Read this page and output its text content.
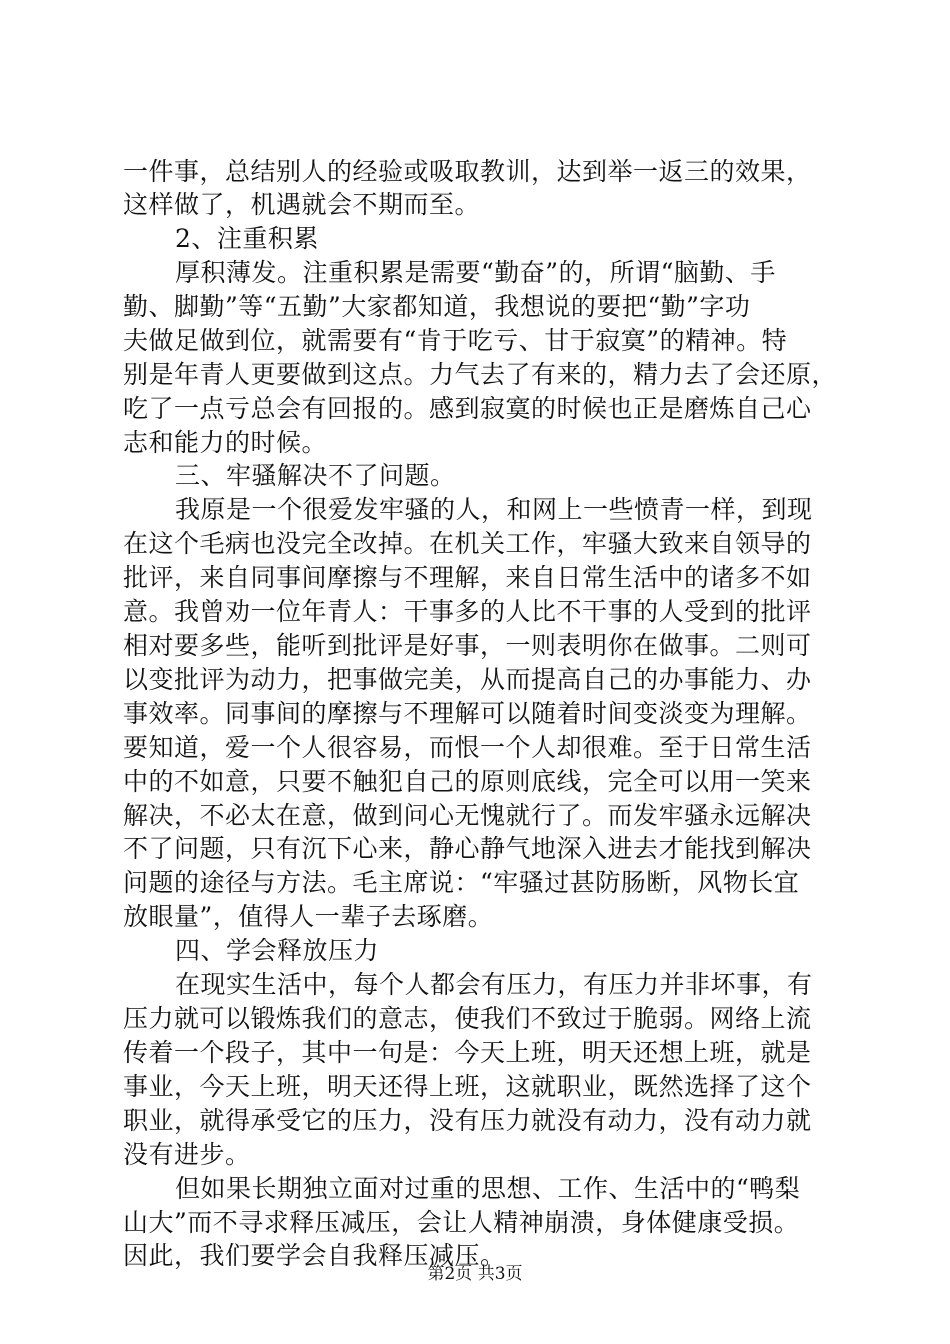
一件事，总结别人的经验或吸取教训，达到举一返三的效果，
这样做了，机遇就会不期而至。
2、注重积累
厚积薄发。注重积累是需要“勤奋”的，所谓“脑勤、手
勤、脚勤”等“五勤”大家都知道，我想说的要把“勤”字功
夫做足做到位，就需要有“肯于吃亏、甘于寂寞”的精神。特
别是年青人更要做到这点。力气去了有来的，精力去了会还原，
吃了一点亏总会有回报的。感到寂寞的时候也正是磨炼自己心
志和能力的时候。
三、牢骚解决不了问题。
我原是一个很爱发牢骚的人，和网上一些愤青一样，到现
在这个毛病也没完全改掉。在机关工作，牢骚大致来自领导的
批评，来自同事间摩擦与不理解，来自日常生活中的诸多不如
意。我曾劝一位年青人：干事多的人比不干事的人受到的批评
相对要多些，能听到批评是好事，一则表明你在做事。二则可
以变批评为动力，把事做完美，从而提高自己的办事能力、办
事效率。同事间的摩擦与不理解可以随着时间变淡变为理解。
要知道，爱一个人很容易，而恨一个人却很难。至于日常生活
中的不如意，只要不触犯自己的原则底线，完全可以用一笑来
解决，不必太在意，做到问心无愧就行了。而发牢骚永远解决
不了问题，只有沉下心来，静心静气地深入进去才能找到解决
问题的途径与方法。毛主席说：“牢骚过甚防肠断，风物长宜
放眼量”，值得人一辈子去琢磨。
四、学会释放压力
在现实生活中，每个人都会有压力，有压力并非坏事，有
压力就可以锻炼我们的意志，使我们不致过于脆弱。网络上流
传着一个段子，其中一句是：今天上班，明天还想上班，就是
事业，今天上班，明天还得上班，这就职业，既然选择了这个
职业，就得承受它的压力，没有压力就没有动力，没有动力就
没有进步。
但如果长期独立面对过重的思想、工作、生活中的“鸭梨
山大”而不寻求释压减压，会让人精神崩溃，身体健康受损。
因此，我们要学会自我释压减压。
第2页 共3页
